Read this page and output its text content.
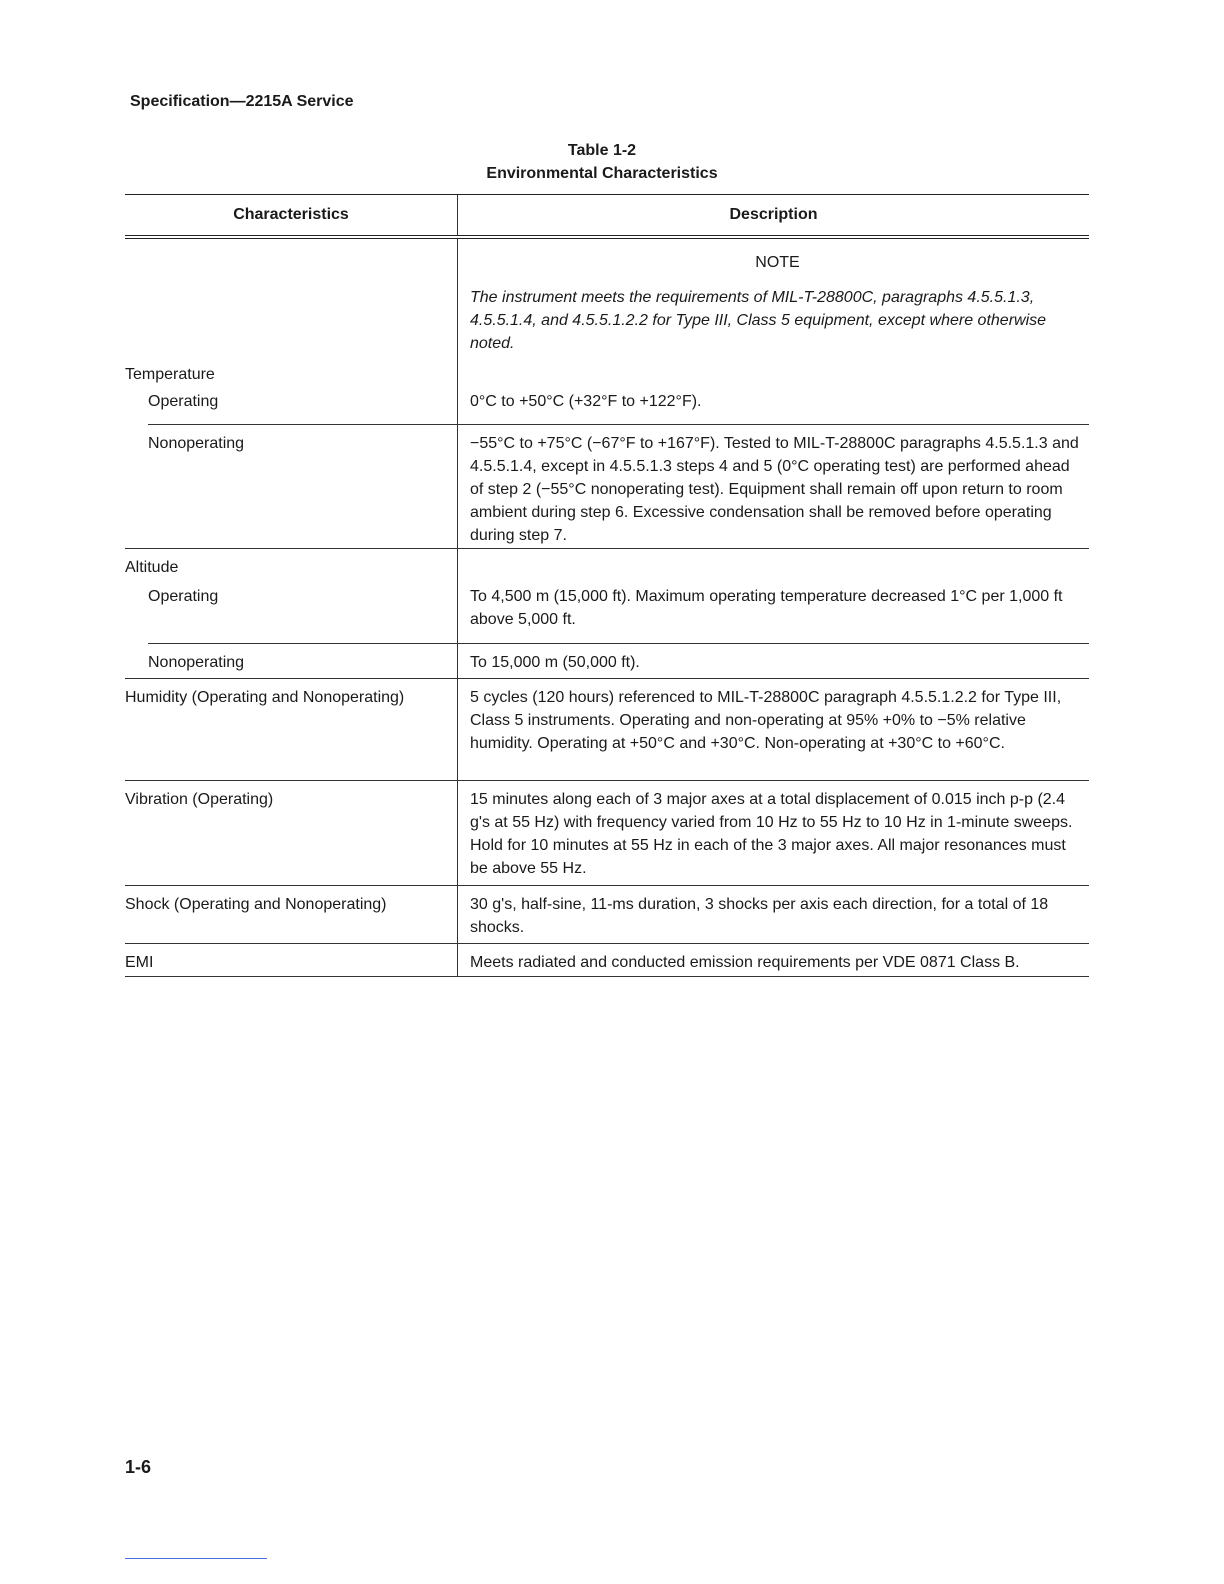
Specification—2215A Service
Table 1-2
Environmental Characteristics
Characteristics	Description
NOTE
The instrument meets the requirements of MIL-T-28800C, paragraphs 4.5.5.1.3, 4.5.5.1.4, and 4.5.5.1.2.2 for Type III, Class 5 equipment, except where otherwise noted.
Temperature
Operating	0°C to +50°C (+32°F to +122°F).
Nonoperating	−55°C to +75°C (−67°F to +167°F). Tested to MIL-T-28800C paragraphs 4.5.5.1.3 and 4.5.5.1.4, except in 4.5.5.1.3 steps 4 and 5 (0°C operating test) are performed ahead of step 2 (−55°C nonoperating test). Equipment shall remain off upon return to room ambient during step 6. Excessive condensation shall be removed before operating during step 7.
Altitude
Operating	To 4,500 m (15,000 ft). Maximum operating temperature decreased 1°C per 1,000 ft above 5,000 ft.
Nonoperating	To 15,000 m (50,000 ft).
Humidity (Operating and Nonoperating)	5 cycles (120 hours) referenced to MIL-T-28800C paragraph 4.5.5.1.2.2 for Type III, Class 5 instruments. Operating and non-operating at 95% +0% to −5% relative humidity. Operating at +50°C and +30°C. Non-operating at +30°C to +60°C.
Vibration (Operating)	15 minutes along each of 3 major axes at a total displacement of 0.015 inch p-p (2.4 g's at 55 Hz) with frequency varied from 10 Hz to 55 Hz to 10 Hz in 1-minute sweeps. Hold for 10 minutes at 55 Hz in each of the 3 major axes. All major resonances must be above 55 Hz.
Shock (Operating and Nonoperating)	30 g's, half-sine, 11-ms duration, 3 shocks per axis each direction, for a total of 18 shocks.
EMI	Meets radiated and conducted emission requirements per VDE 0871 Class B.
1-6
